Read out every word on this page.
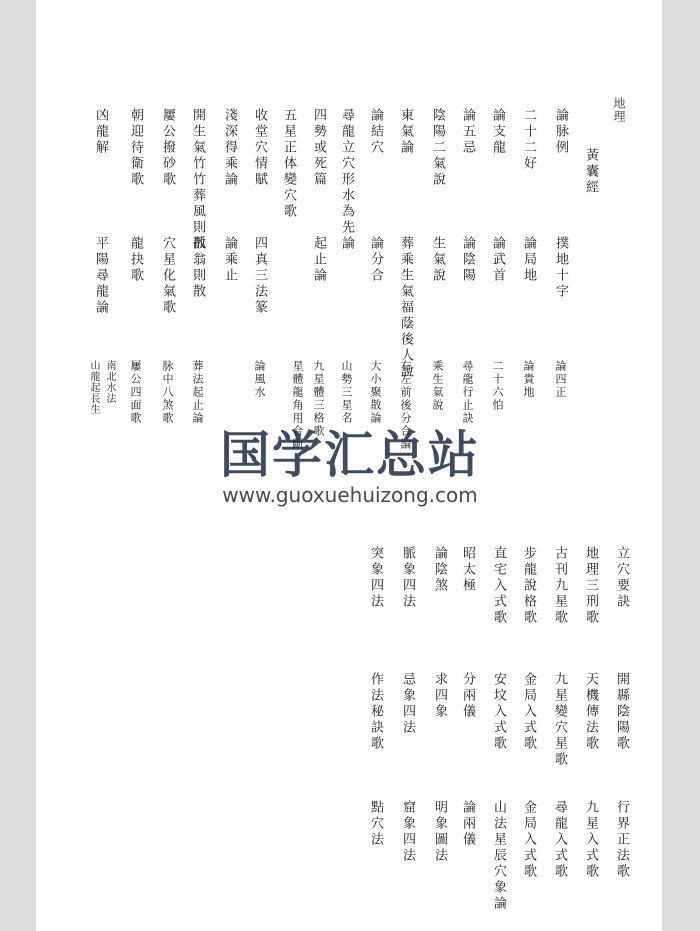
地理
黃囊經
論脉例
二十二好
論支龍
論五忌
陰陽二氣說
東氣論
論結穴
尋龍立穴形水為先論
四勢或死篇
五星正体變穴歌
收堂穴情賦
淺深得乘論
開生氣竹竹葬風則散
屢公撥砂歌
朝迎待衛歌
凶龍解
撲地十字
論局地
論武首
論陰陽
生氣說
葬乘生氣福蔭後人說
論分合
起止論
四真三法篆
論乘止
孤翁則散
穴星化氣歌
龍抉歌
平陽尋龍論
論四正
論貴地
二十六怕
尋龍行止訣
乘生氣說
右左前後分合論
大小聚散論
山勢三星名
九星體三格歌
星體龍角用合斷
論風水
葬法起止論
脉中八煞歌
屢公四面歌
南北水法
山龍起長生
立穴要訣
地理三刑歌
古刊九星歌
步龍說格歌
直宅入式歌
昭太極
論陰煞
脈象四法
突象四法
開縣陰陽歌
天機傳法歌
九星變穴星歌
金局入式歌
安坟入式歌
分兩儀
求四象
忌象四法
作法秘訣歌
行界正法歌
九星入式歌
尋龍入式歌
金局入式歌
山法星辰穴象論
論兩儀
明象圖法
窟象四法
點穴法
国学汇总站
www.guoxuehuizong.com
